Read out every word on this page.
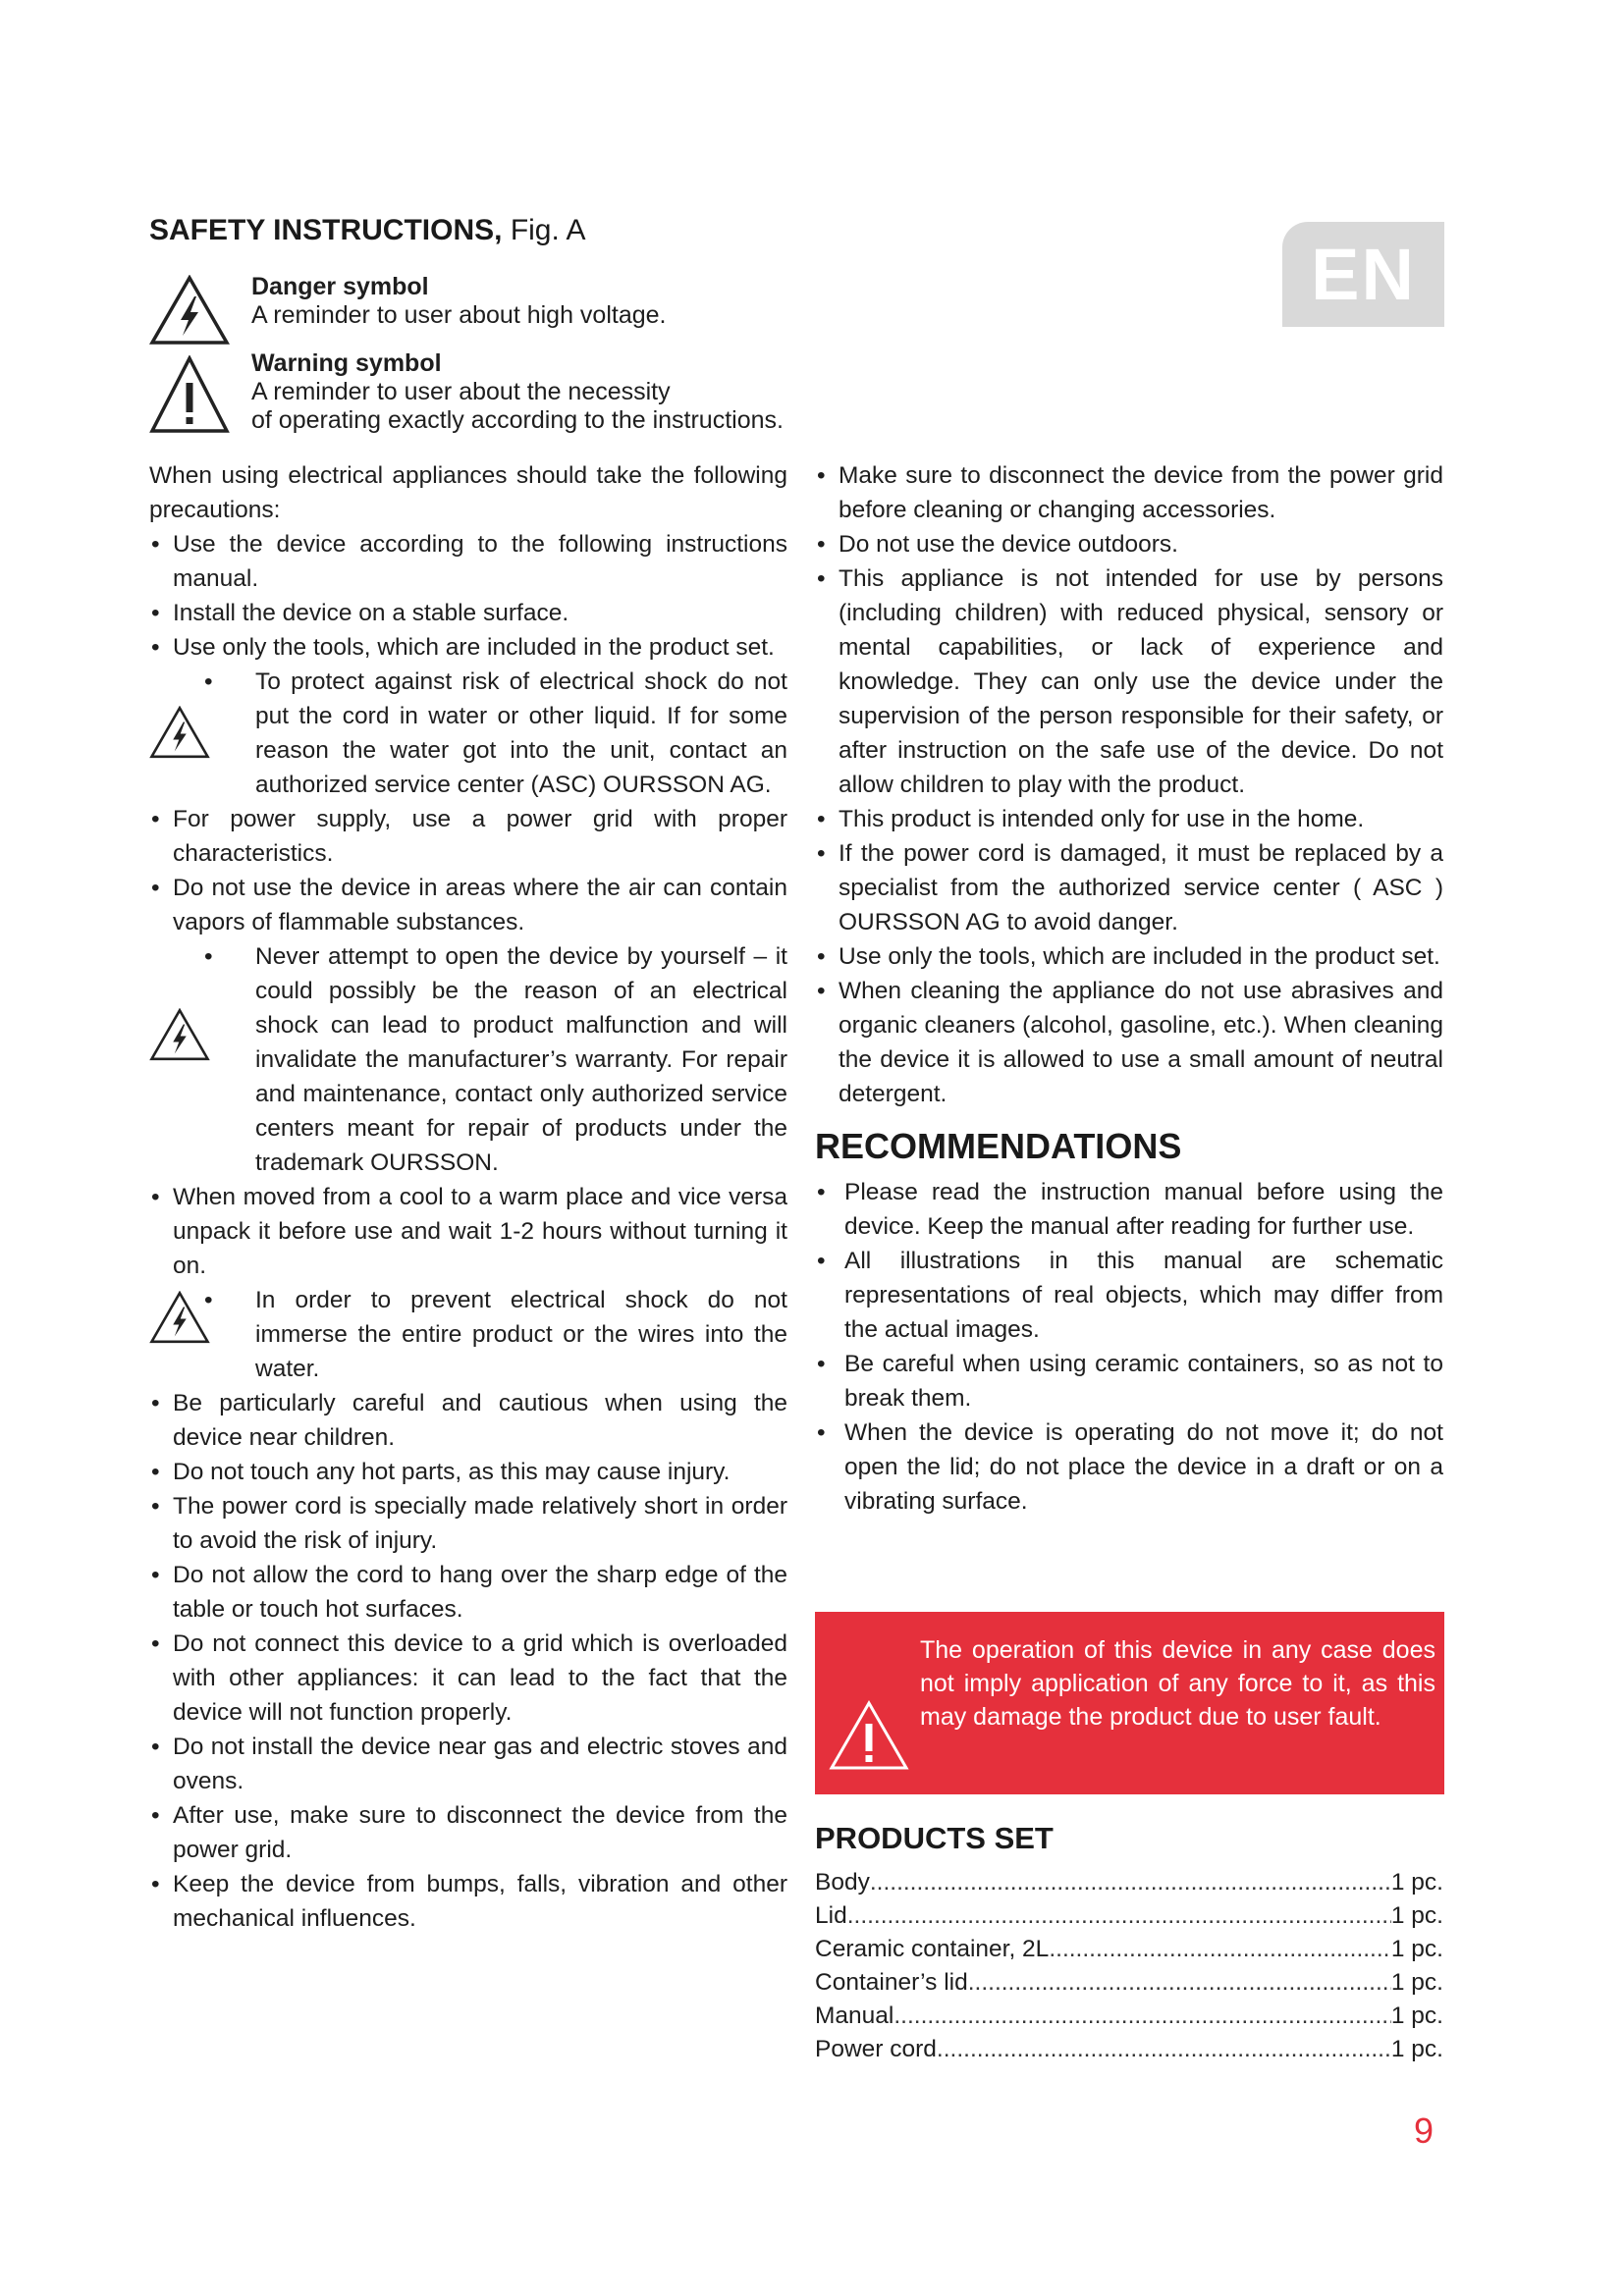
SAFETY INSTRUCTIONS, Fig. A
EN
Danger symbol
A reminder to user about high voltage.
Warning symbol
A reminder to user about the necessity
of operating exactly according to the instructions.

When using electrical appliances should take the following precautions:

• Use the device according to the following instructions manual.

• Install the device on a stable surface.

• Use only the tools, which are included in the product set.

• To protect against risk of electrical shock do not put the cord in water or other liquid. If for some reason the water got into the unit, contact an authorized service center (ASC) OURSSON AG.

• For power supply, use a power grid with proper characteristics.

• Do not use the device in areas where the air can contain vapors of flammable substances.

• Never attempt to open the device by yourself – it could possibly be the reason of an electrical shock can lead to product malfunction and will invalidate the manufacturer’s warranty. For repair and maintenance, contact only authorized service centers meant for repair of products under the trademark OURSSON.

• When moved from a cool to a warm place and vice versa unpack it before use and wait 1-2 hours without turning it on.

• In order to prevent electrical shock do not immerse the entire product or the wires into the water.

• Be particularly careful and cautious when using the device near children.

• Do not touch any hot parts, as this may cause injury.

• The power cord is specially made relatively short in order to avoid the risk of injury.

• Do not allow the cord to hang over the sharp edge of the table or touch hot surfaces.

• Do not connect this device to a grid which is overloaded with other appliances: it can lead to the fact that the device will not function properly.

• Do not install the device near gas and electric stoves and ovens.

• After use, make sure to disconnect the device from the power grid.

• Keep the device from bumps, falls, vibration and other mechanical influences.

• Make sure to disconnect the device from the power grid before cleaning or changing accessories.

• Do not use the device outdoors.

• This appliance is not intended for use by persons (including children) with reduced physical, sensory or mental capabilities, or lack of experience and knowledge. They can only use the device under the supervision of the person responsible for their safety, or after instruction on the safe use of the device. Do not allow children to play with the product.

• This product is intended only for use in the home.

• If the power cord is damaged, it must be replaced by a specialist from the authorized service center ( ASC ) OURSSON AG to avoid danger.

• Use only the tools, which are included in the product set.

• When cleaning the appliance do not use abrasives and organic cleaners (alcohol, gasoline, etc.). When cleaning the device it is allowed to use a small amount of neutral detergent.

RECOMMENDATIONS

• Please read the instruction manual before using the device. Keep the manual after reading for further use.

• All illustrations in this manual are schematic representations of real objects, which may differ from the actual images.

• Be careful when using ceramic containers, so as not to break them.

• When the device is operating do not move it; do not open the lid; do not place the device in a draft or on a vibrating surface.

The operation of this device in any case does not imply application of any force to it, as this may damage the product due to user fault.
PRODUCTS SET
Body .....	1 pc.
Lid .....	1 pc.
Ceramic container, 2L .....	1 pc.
Container’s lid .....	1 pc.
Manual .....	1 pc.
Power cord .....	1 pc.
9
